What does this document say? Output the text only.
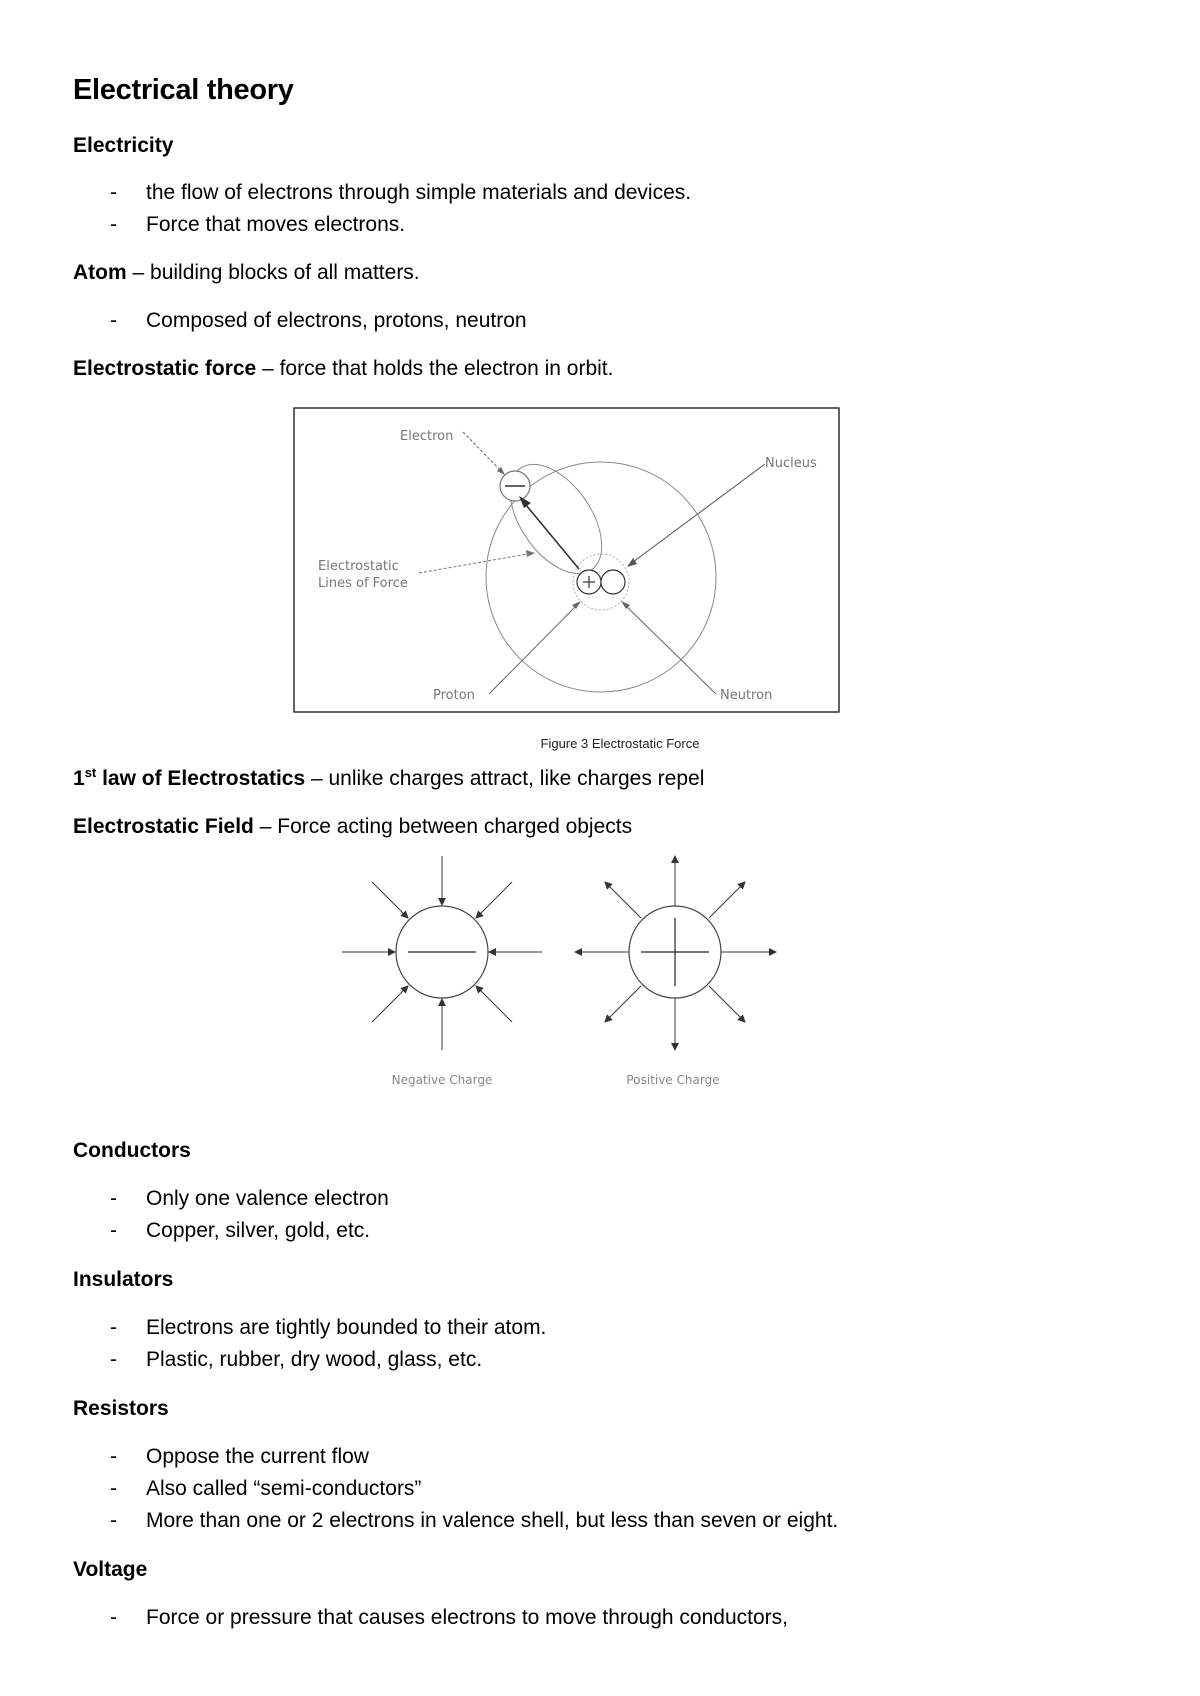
Electrical theory

Electricity

- the flow of electrons through simple materials and devices.

- Force that moves electrons.

Atom – building blocks of all matters.

- Composed of electrons, protons, neutron

Electrostatic force – force that holds the electron in orbit.

Electron
Nucleus
Electrostatic
Lines of Force
Proton	Neutron

Figure 3 Electrostatic Force

1st law of Electrostatics – unlike charges attract, like charges repel

Electrostatic Field – Force acting between charged objects

Negative Charge	Positive Charge

Conductors

- Only one valence electron

- Copper, silver, gold, etc.

Insulators

- Electrons are tightly bounded to their atom.

- Plastic, rubber, dry wood, glass, etc.

Resistors

- Oppose the current flow

- Also called “semi-conductors”

- More than one or 2 electrons in valence shell, but less than seven or eight.

Voltage

- Force or pressure that causes electrons to move through conductors,
